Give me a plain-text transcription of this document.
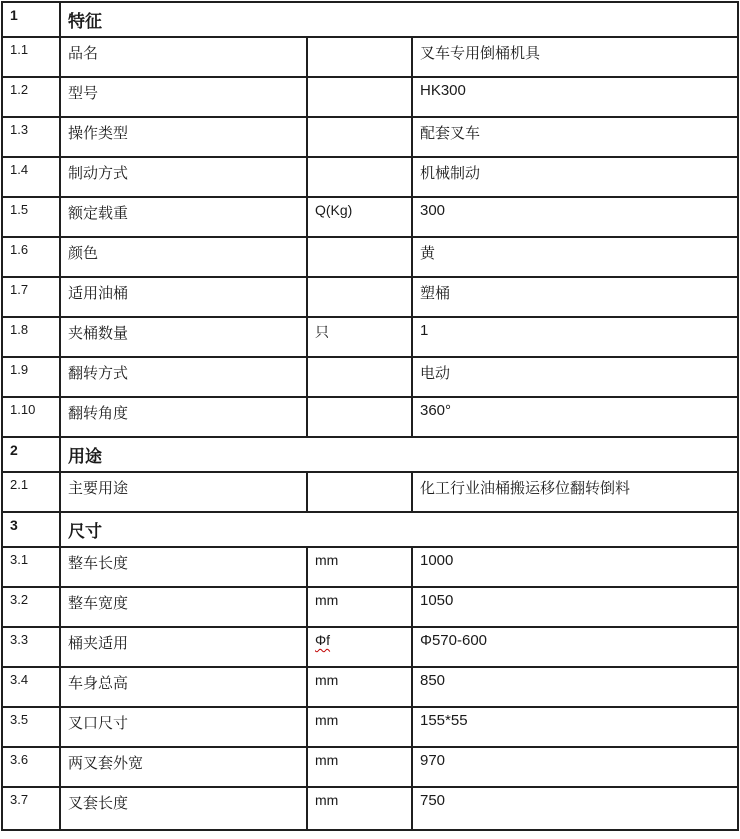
1	特征		
1.1	品名		叉车专用倒桶机具
1.2	型号		HK300
1.3	操作类型		配套叉车
1.4	制动方式		机械制动
1.5	额定载重	Q(Kg)	300
1.6	颜色		黄
1.7	适用油桶		塑桶
1.8	夹桶数量	只	1
1.9	翻转方式		电动
1.10	翻转角度		360°
2	用途		
2.1	主要用途		化工行业油桶搬运移位翻转倒料
3	尺寸		
3.1	整车长度	mm	1000
3.2	整车宽度	mm	1050
3.3	桶夹适用	Φf	Φ570-600
3.4	车身总高	mm	850
3.5	叉口尺寸	mm	155*55
3.6	两叉套外宽	mm	970
3.7	叉套长度	mm	750
